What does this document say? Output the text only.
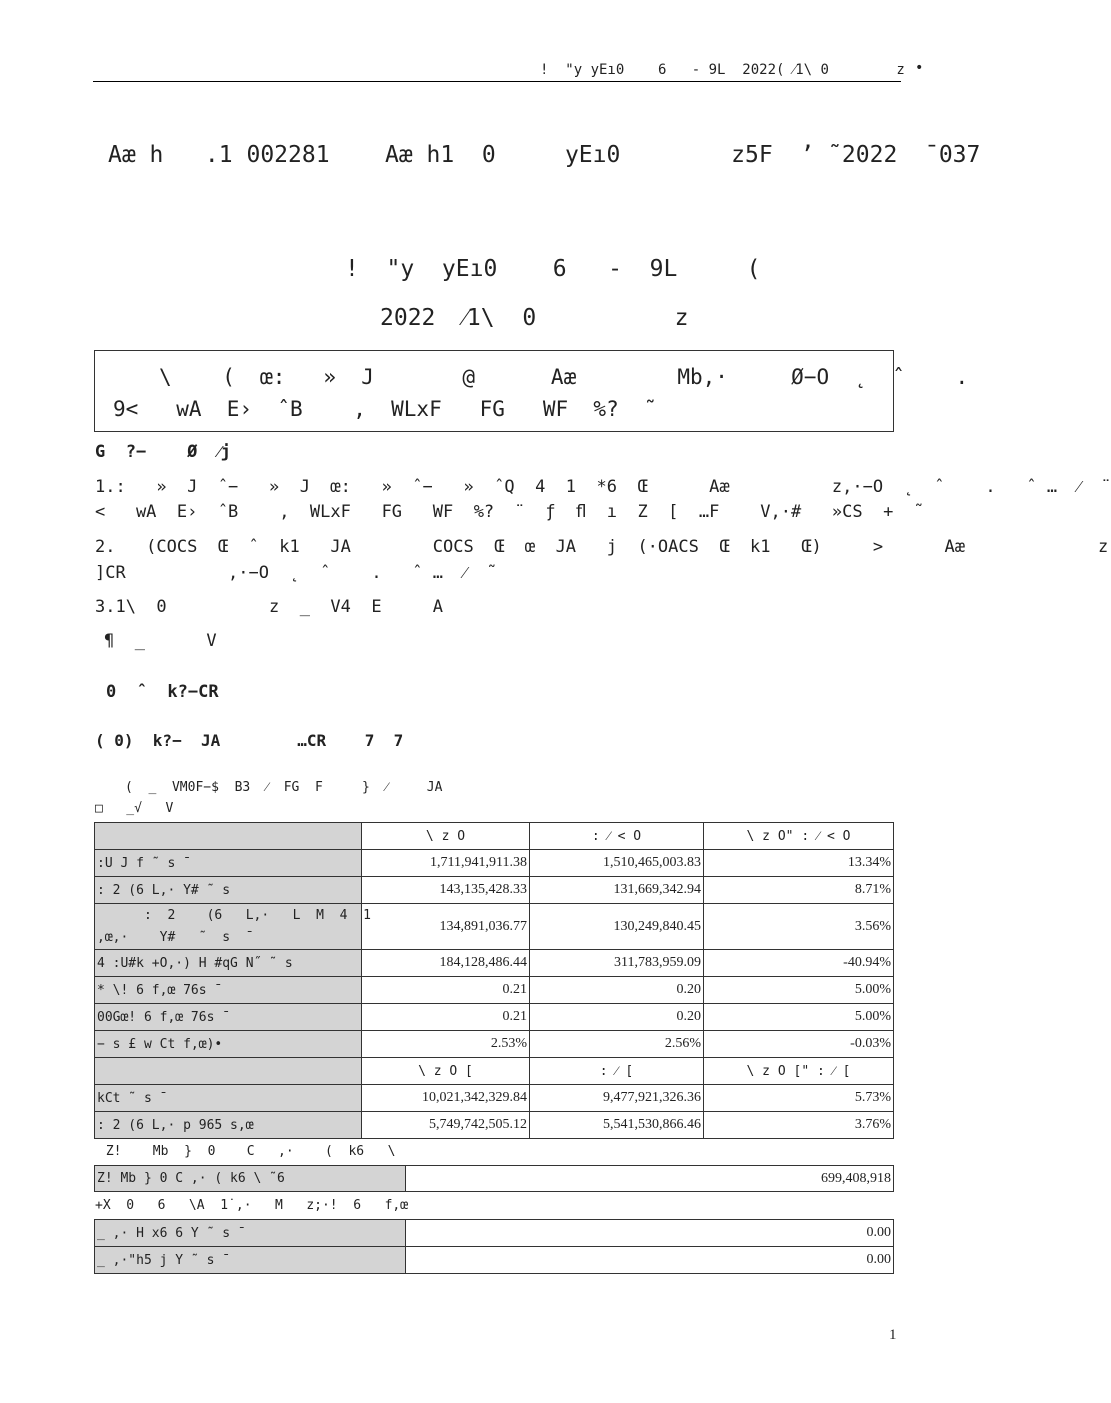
!  "y yEı0    6   - 9L  2022( ⁄1\ 0        z •
Aæ h   .1 002281    Aæ h1  0     yEı0        z5F  ’ ˜2022  ˉ037
!  "y  yEı0    6   -  9L     (
2022  ⁄1\  0          z
\    (  œ:   »  J       @      Aæ        Mb,·     Ø−O  ˛  ˆ    .
9<   wA  E›  ˆB    ,  WLxF   FG   WF  %?  ˜
G  ?−    Ø  ⁄j
1.:   »  J  ˆ−   »  J  œ:   »  ˆ−   »  ˆQ  4  1  *6  Œ      Aæ          z,·−O  ˛  ˆ    .   ˆ …  ⁄  ¨
<   wA  E›  ˆB    ,  WLxF   FG   WF  %?  ¨  ƒ  ﬂ  ı  Z  [  …F    V,·#   »CS  +  ˜
2.   (COCS  Œ  ˆ  k1   JA        COCS  Œ  œ  JA   j  (·OACS  Œ  k1   Œ)     >      Aæ             z
]CR          ,·−O  ˛  ˆ    .   ˆ …  ⁄  ˜
3.1\  0          z  _  V4  E     A
¶  _      V
0  ˆ  k?−CR
( 0)  k?−  JA        …CR    7  7
(  _  VM0F−$  B3  ⁄  FG  F     }  ⁄     JA
□   _√   V
	\ z O	: ⁄ < O	\ z O" : ⁄ < O
:U J f ˜ s ˉ	1,711,941,911.38	1,510,465,003.83	13.34%
: 2 (6 L,· Y# ˜ s	143,135,428.33	131,669,342.94	8.71%
:  2    (6   L,·   L  M  4  1
,œ,·    Y#   ˜  s  ˉ	134,891,036.77	130,249,840.45	3.56%
4 :U#k +O,·) H #qG N˝ ˜ s	184,128,486.44	311,783,959.09	-40.94%
* \! 6 f,œ 76s ˉ	0.21	0.20	5.00%
00Gœ! 6 f,œ 76s ˉ	0.21	0.20	5.00%
− s £ w Ct f,œ)•	2.53%	2.56%	-0.03%
	\ z O [	: ⁄ [	\ z O [" : ⁄ [
kCt ˜ s ˉ	10,021,342,329.84	9,477,921,326.36	5.73%
: 2 (6 L,· p 965 s,œ	5,749,742,505.12	5,541,530,866.46	3.76%
Z!    Mb  }  0    C   ,·    (  k6   \
Z! Mb } 0 C ,· ( k6 \ ˜6	699,408,918
+X  0   6   \A  1˙,·   M   z;·!  6   f,œ
_ ,· H x6 6 Y ˜ s ˉ	0.00
_ ,·"h5 j Y ˜ s ˉ	0.00
1
